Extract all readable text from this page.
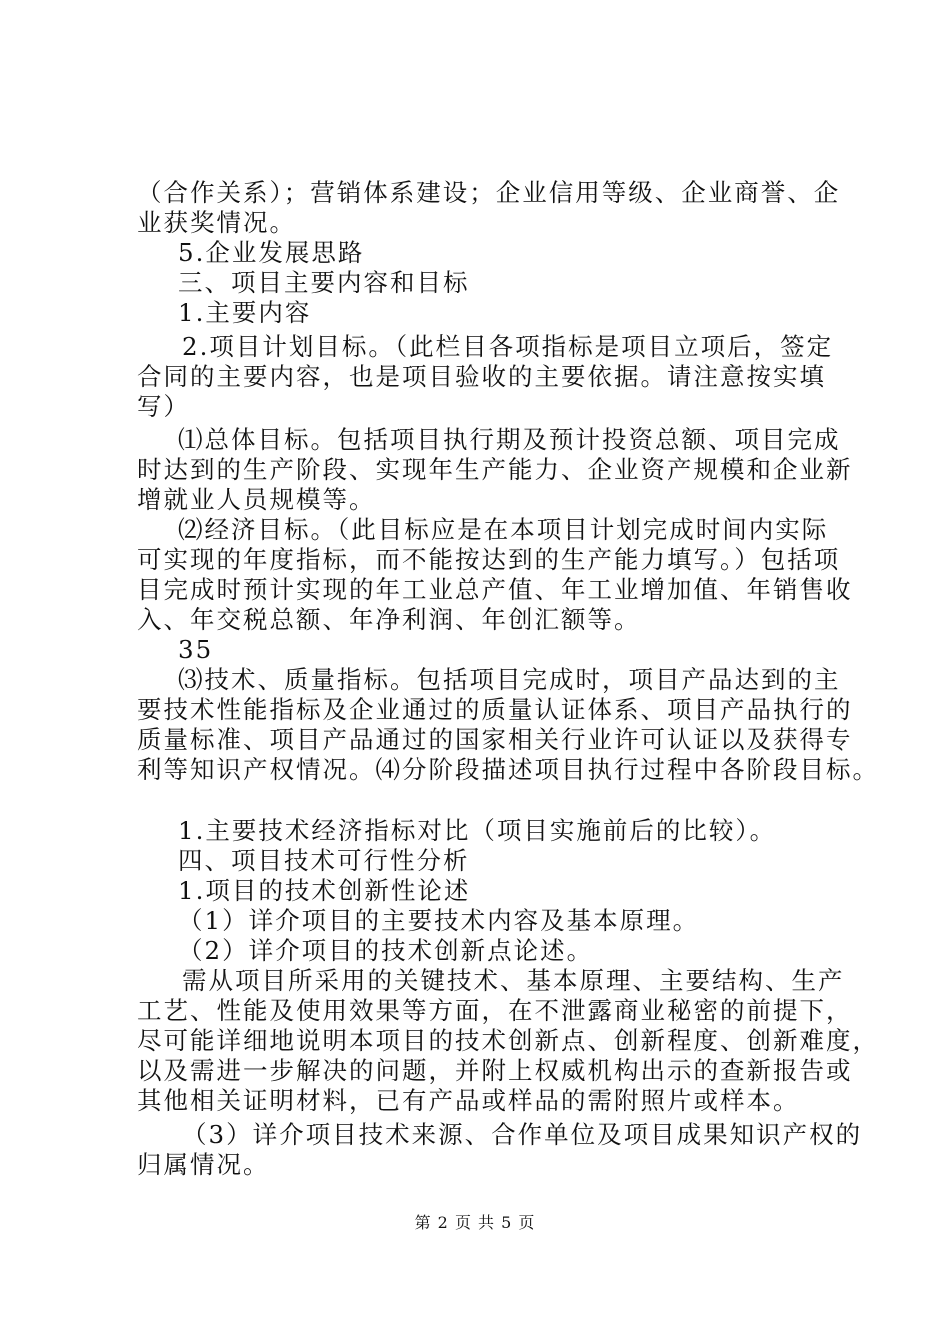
（合作关系）；营销体系建设；企业信用等级、企业商誉、企
业获奖情况。
5.企业发展思路
三、项目主要内容和目标
1.主要内容
2.项目计划目标。（此栏目各项指标是项目立项后，签定
合同的主要内容，也是项目验收的主要依据。请注意按实填
写）
⑴总体目标。包括项目执行期及预计投资总额、项目完成
时达到的生产阶段、实现年生产能力、企业资产规模和企业新
增就业人员规模等。
⑵经济目标。（此目标应是在本项目计划完成时间内实际
可实现的年度指标，而不能按达到的生产能力填写。）包括项
目完成时预计实现的年工业总产值、年工业增加值、年销售收
入、年交税总额、年净利润、年创汇额等。
35
⑶技术、质量指标。包括项目完成时，项目产品达到的主
要技术性能指标及企业通过的质量认证体系、项目产品执行的
质量标准、项目产品通过的国家相关行业许可认证以及获得专
利等知识产权情况。⑷分阶段描述项目执行过程中各阶段目标。
1.主要技术经济指标对比（项目实施前后的比较）。
四、项目技术可行性分析
1.项目的技术创新性论述
（1）详介项目的主要技术内容及基本原理。
（2）详介项目的技术创新点论述。
需从项目所采用的关键技术、基本原理、主要结构、生产
工艺、性能及使用效果等方面，在不泄露商业秘密的前提下，
尽可能详细地说明本项目的技术创新点、创新程度、创新难度，
以及需进一步解决的问题，并附上权威机构出示的查新报告或
其他相关证明材料，已有产品或样品的需附照片或样本。
（3）详介项目技术来源、合作单位及项目成果知识产权的
归属情况。
第 2 页 共 5 页
